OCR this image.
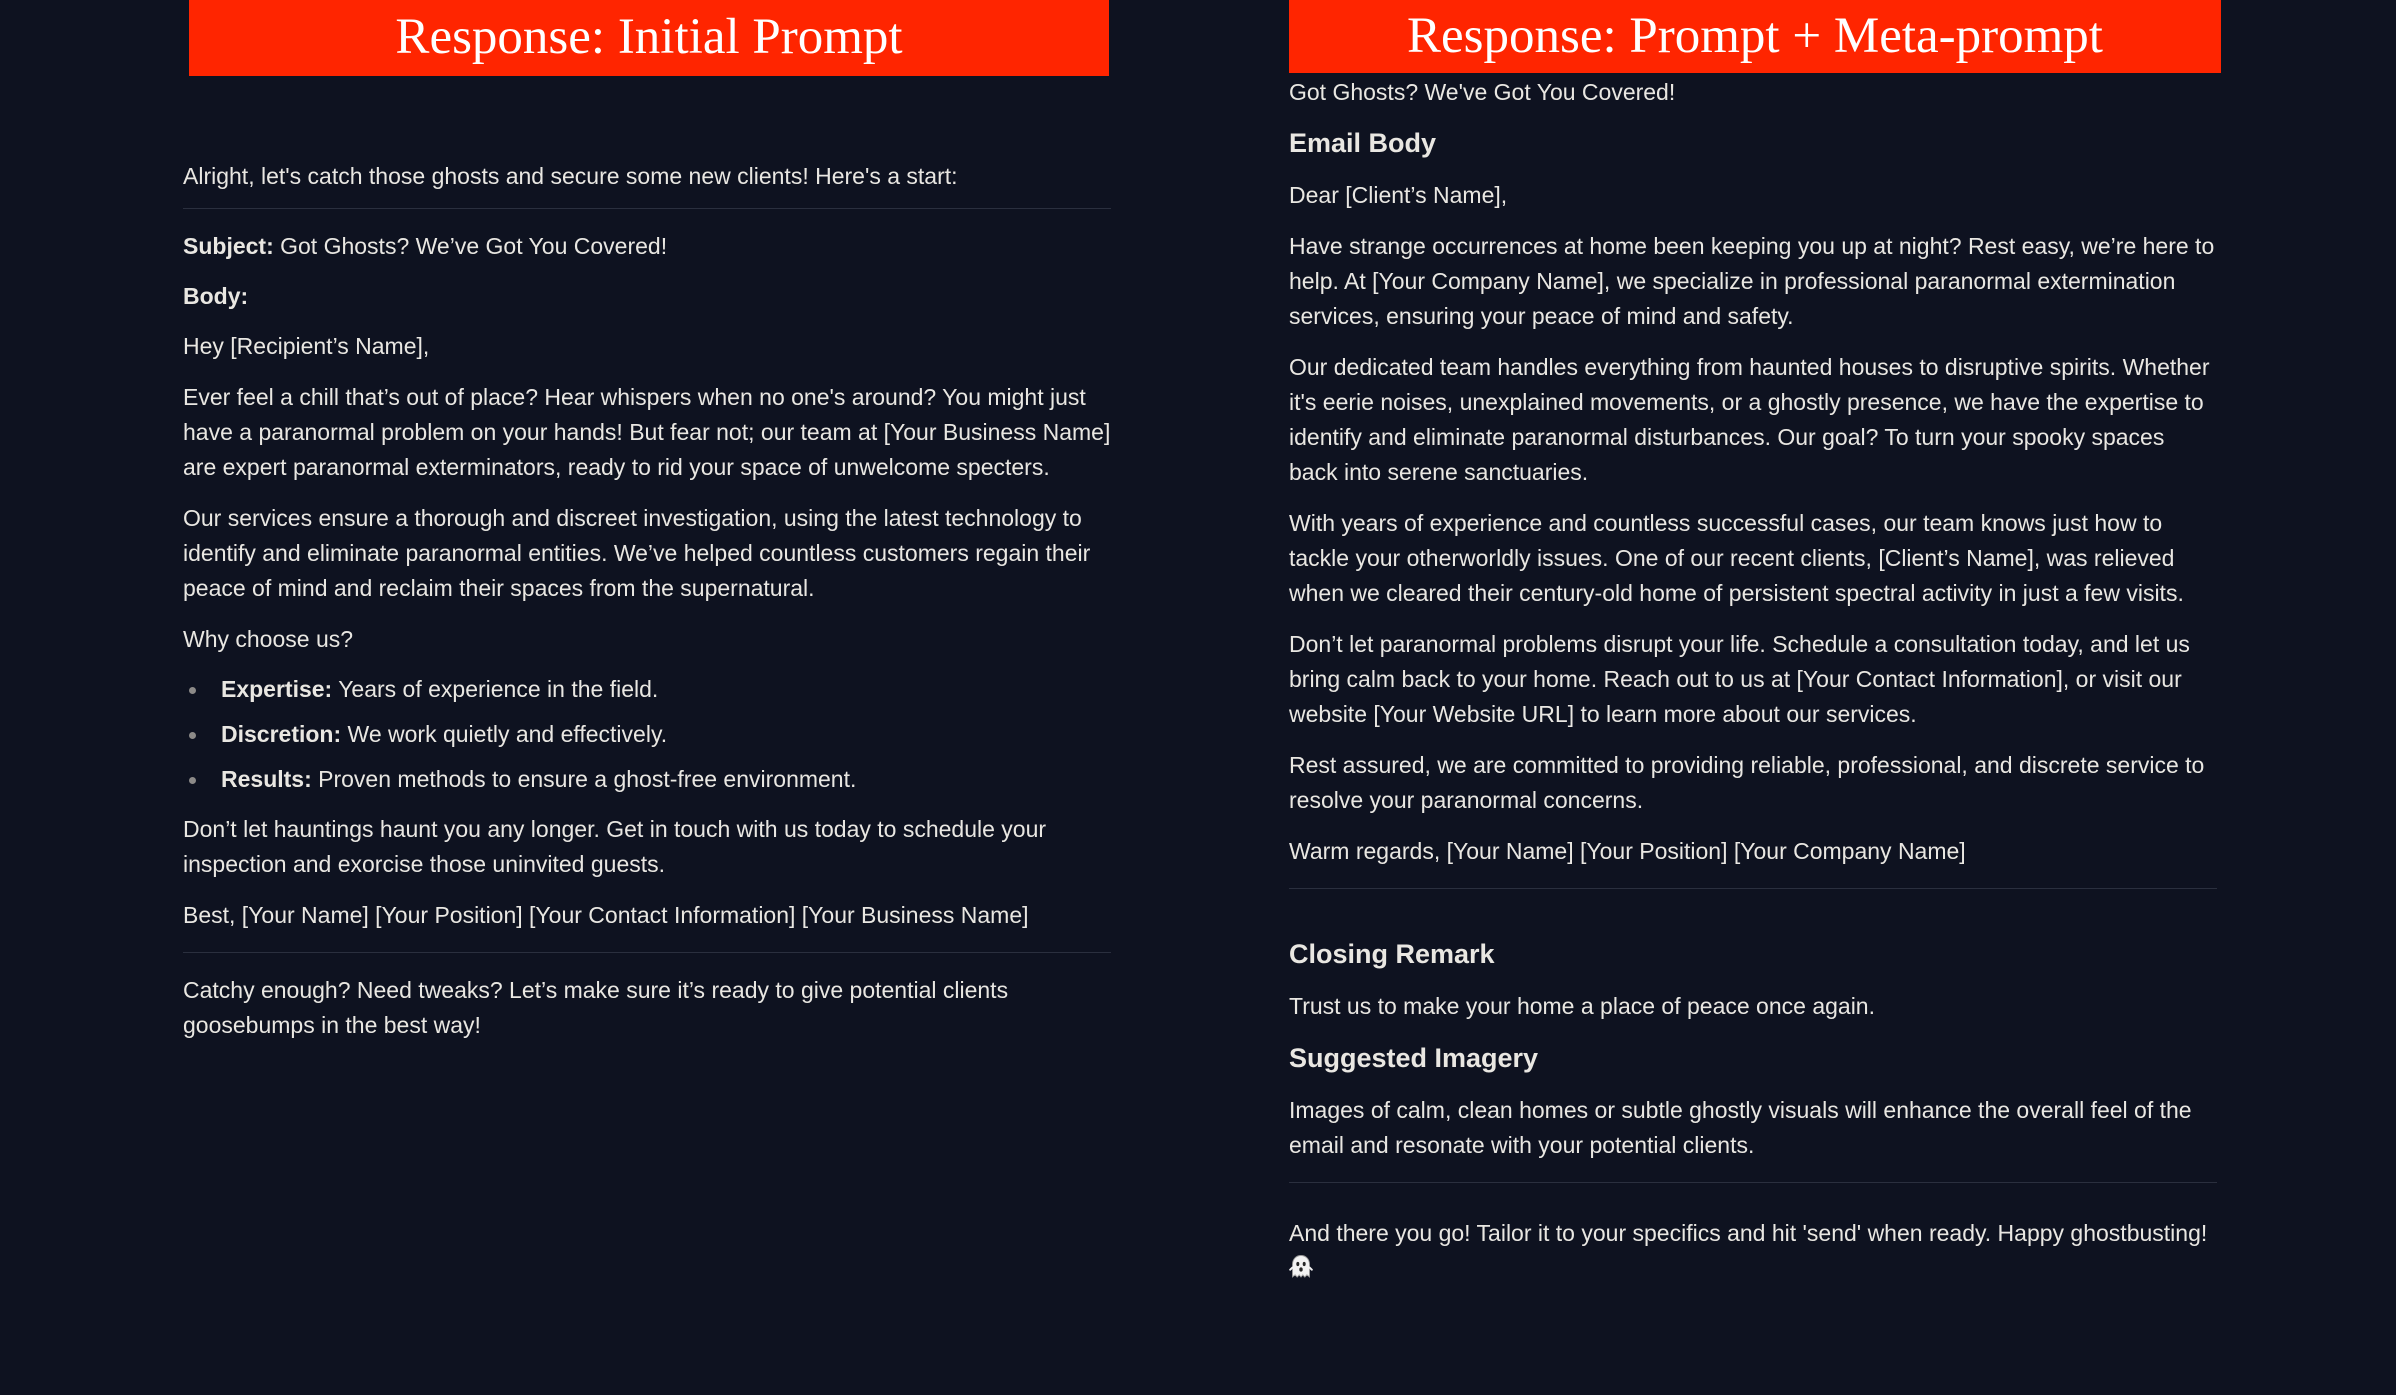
Response: Initial Prompt

Alright, let's catch those ghosts and secure some new clients! Here's a start:

Subject: Got Ghosts? We’ve Got You Covered!

Body:

Hey [Recipient’s Name],

Ever feel a chill that’s out of place? Hear whispers when no one's around? You might just have a paranormal problem on your hands! But fear not; our team at [Your Business Name] are expert paranormal exterminators, ready to rid your space of unwelcome specters.

Our services ensure a thorough and discreet investigation, using the latest technology to identify and eliminate paranormal entities. We’ve helped countless customers regain their peace of mind and reclaim their spaces from the supernatural.

Why choose us?

Expertise: Years of experience in the field.
Discretion: We work quietly and effectively.
Results: Proven methods to ensure a ghost-free environment.

Don’t let hauntings haunt you any longer. Get in touch with us today to schedule your inspection and exorcise those uninvited guests.

Best, [Your Name] [Your Position] [Your Contact Information] [Your Business Name]

Catchy enough? Need tweaks? Let’s make sure it’s ready to give potential clients goosebumps in the best way!

Response: Prompt + Meta-prompt

Got Ghosts? We've Got You Covered!

Email Body

Dear [Client’s Name],

Have strange occurrences at home been keeping you up at night? Rest easy, we’re here to help. At [Your Company Name], we specialize in professional paranormal extermination services, ensuring your peace of mind and safety.

Our dedicated team handles everything from haunted houses to disruptive spirits. Whether it's eerie noises, unexplained movements, or a ghostly presence, we have the expertise to identify and eliminate paranormal disturbances. Our goal? To turn your spooky spaces back into serene sanctuaries.

With years of experience and countless successful cases, our team knows just how to tackle your otherworldly issues. One of our recent clients, [Client’s Name], was relieved when we cleared their century-old home of persistent spectral activity in just a few visits.

Don’t let paranormal problems disrupt your life. Schedule a consultation today, and let us bring calm back to your home. Reach out to us at [Your Contact Information], or visit our website [Your Website URL] to learn more about our services.

Rest assured, we are committed to providing reliable, professional, and discrete service to resolve your paranormal concerns.

Warm regards, [Your Name] [Your Position] [Your Company Name]

Closing Remark

Trust us to make your home a place of peace once again.

Suggested Imagery

Images of calm, clean homes or subtle ghostly visuals will enhance the overall feel of the email and resonate with your potential clients.

And there you go! Tailor it to your specifics and hit 'send' when ready. Happy ghostbusting!
